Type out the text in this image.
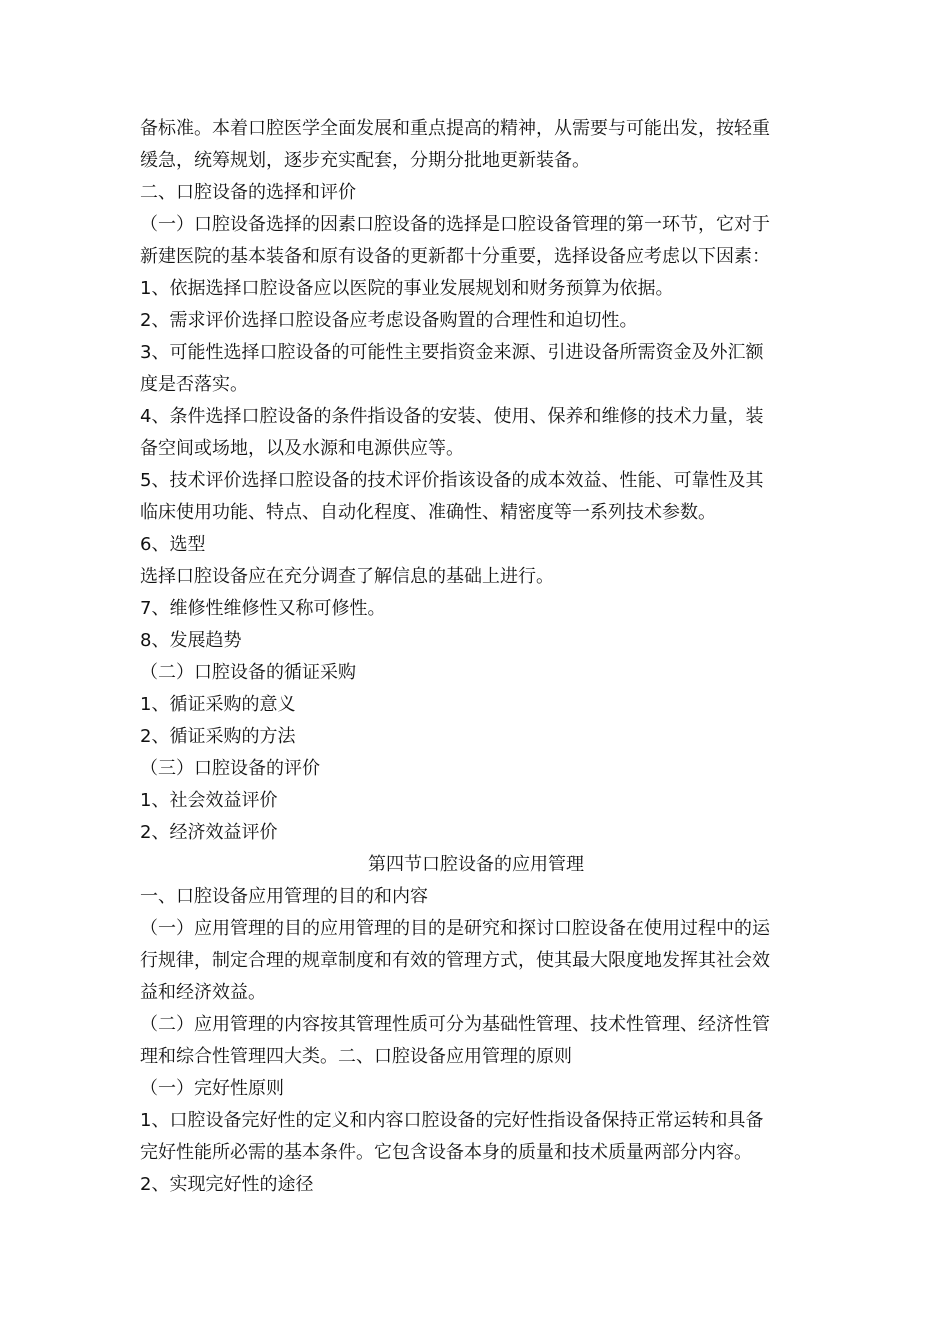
备标准。本着口腔医学全面发展和重点提高的精神，从需要与可能出发，按轻重
缓急，统筹规划，逐步充实配套，分期分批地更新装备。
二、口腔设备的选择和评价
（一）口腔设备选择的因素口腔设备的选择是口腔设备管理的第一环节，它对于
新建医院的基本装备和原有设备的更新都十分重要，选择设备应考虑以下因素：
1、依据选择口腔设备应以医院的事业发展规划和财务预算为依据。
2、需求评价选择口腔设备应考虑设备购置的合理性和迫切性。
3、可能性选择口腔设备的可能性主要指资金来源、引进设备所需资金及外汇额
度是否落实。
4、条件选择口腔设备的条件指设备的安装、使用、保养和维修的技术力量，装
备空间或场地，以及水源和电源供应等。
5、技术评价选择口腔设备的技术评价指该设备的成本效益、性能、可靠性及其
临床使用功能、特点、自动化程度、准确性、精密度等一系列技术参数。
6、选型
选择口腔设备应在充分调查了解信息的基础上进行。
7、维修性维修性又称可修性。
8、发展趋势
（二）口腔设备的循证采购
1、循证采购的意义
2、循证采购的方法
（三）口腔设备的评价
1、社会效益评价
2、经济效益评价
第四节口腔设备的应用管理
一、口腔设备应用管理的目的和内容
（一）应用管理的目的应用管理的目的是研究和探讨口腔设备在使用过程中的运
行规律，制定合理的规章制度和有效的管理方式，使其最大限度地发挥其社会效
益和经济效益。
（二）应用管理的内容按其管理性质可分为基础性管理、技术性管理、经济性管
理和综合性管理四大类。二、口腔设备应用管理的原则
（一）完好性原则
1、口腔设备完好性的定义和内容口腔设备的完好性指设备保持正常运转和具备
完好性能所必需的基本条件。它包含设备本身的质量和技术质量两部分内容。
2、实现完好性的途径
